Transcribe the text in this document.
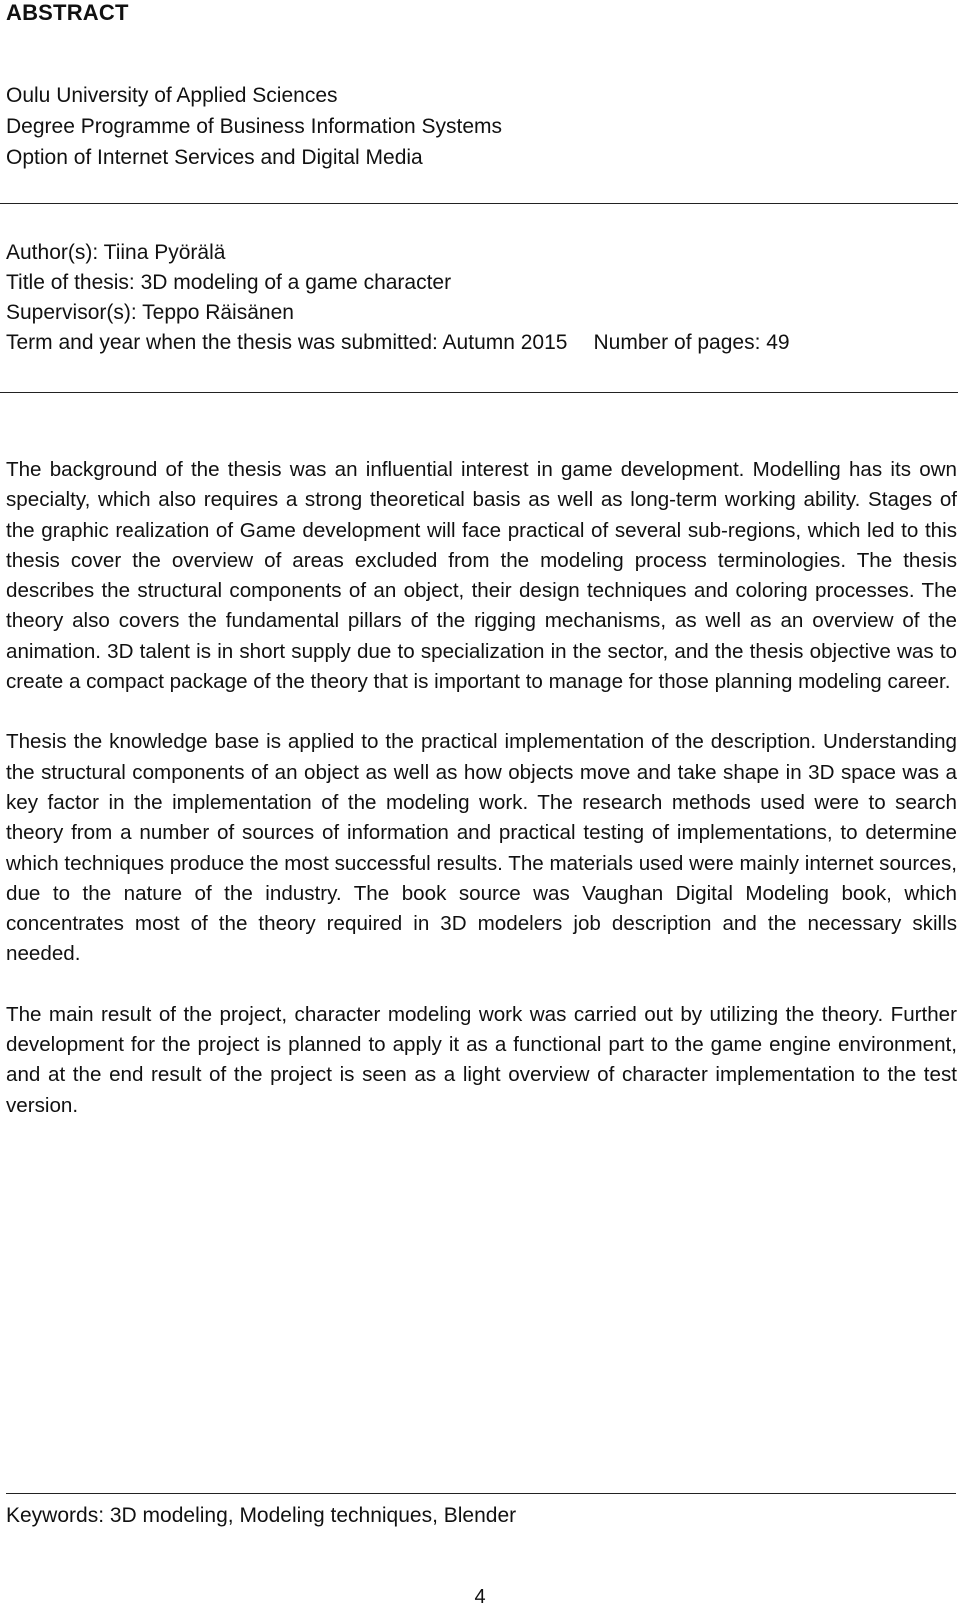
ABSTRACT
Oulu University of Applied Sciences
Degree Programme of Business Information Systems
Option of Internet Services and Digital Media
Author(s): Tiina Pyörälä
Title of thesis: 3D modeling of a game character
Supervisor(s): Teppo Räisänen
Term and year when the thesis was submitted: Autumn 2015 Number of pages: 49

The background of the thesis was an influential interest in game development. Modelling has its own specialty, which also requires a strong theoretical basis as well as long-term working ability. Stages of the graphic realization of Game development will face practical of several sub-regions, which led to this thesis cover the overview of areas excluded from the modeling process terminologies. The thesis describes the structural components of an object, their design techniques and coloring processes. The theory also covers the fundamental pillars of the rigging mechanisms, as well as an overview of the animation. 3D talent is in short supply due to specialization in the sector, and the thesis objective was to create a compact package of the theory that is important to manage for those planning modeling career.

Thesis the knowledge base is applied to the practical implementation of the description. Understanding the structural components of an object as well as how objects move and take shape in 3D space was a key factor in the implementation of the modeling work. The research methods used were to search theory from a number of sources of information and practical testing of implementations, to determine which techniques produce the most successful results. The materials used were mainly internet sources, due to the nature of the industry. The book source was Vaughan Digital Modeling book, which concentrates most of the theory required in 3D modelers job description and the necessary skills needed.

The main result of the project, character modeling work was carried out by utilizing the theory. Further development for the project is planned to apply it as a functional part to the game engine environment, and at the end result of the project is seen as a light overview of character implementation to the test version.

Keywords: 3D modeling, Modeling techniques, Blender
4
